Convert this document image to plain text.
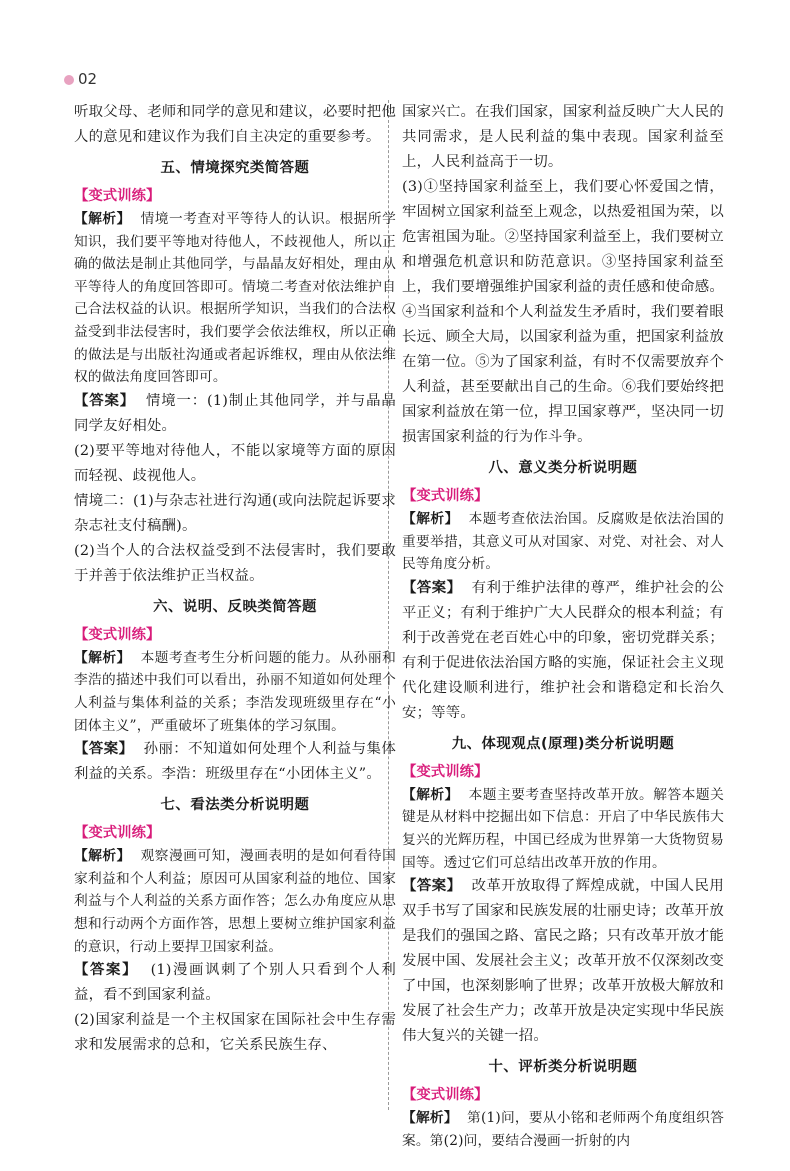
02

听取父母、老师和同学的意见和建议，必要时把他人的意见和建议作为我们自主决定的重要参考。

五、情境探究类简答题
【变式训练】

【解析】 情境一考查对平等待人的认识。根据所学知识，我们要平等地对待他人，不歧视他人，所以正确的做法是制止其他同学，与晶晶友好相处，理由从平等待人的角度回答即可。情境二考查对依法维护自己合法权益的认识。根据所学知识，当我们的合法权益受到非法侵害时，我们要学会依法维权，所以正确的做法是与出版社沟通或者起诉维权，理由从依法维权的做法角度回答即可。

【答案】 情境一：(1)制止其他同学，并与晶晶同学友好相处。

(2)要平等地对待他人，不能以家境等方面的原因而轻视、歧视他人。

情境二：(1)与杂志社进行沟通(或向法院起诉要求杂志社支付稿酬)。

(2)当个人的合法权益受到不法侵害时，我们要敢于并善于依法维护正当权益。

六、说明、反映类简答题
【变式训练】

【解析】 本题考查考生分析问题的能力。从孙丽和李浩的描述中我们可以看出，孙丽不知道如何处理个人利益与集体利益的关系；李浩发现班级里存在“小团体主义”，严重破坏了班集体的学习氛围。

【答案】 孙丽：不知道如何处理个人利益与集体利益的关系。李浩：班级里存在“小团体主义”。

七、看法类分析说明题
【变式训练】

【解析】 观察漫画可知，漫画表明的是如何看待国家利益和个人利益；原因可从国家利益的地位、国家利益与个人利益的关系方面作答；怎么办角度应从思想和行动两个方面作答，思想上要树立维护国家利益的意识，行动上要捍卫国家利益。

【答案】 (1)漫画讽刺了个别人只看到个人利益，看不到国家利益。

(2)国家利益是一个主权国家在国际社会中生存需求和发展需求的总和，它关系民族生存、

国家兴亡。在我们国家，国家利益反映广大人民的共同需求，是人民利益的集中表现。国家利益至上，人民利益高于一切。

(3)①坚持国家利益至上，我们要心怀爱国之情，牢固树立国家利益至上观念，以热爱祖国为荣，以危害祖国为耻。②坚持国家利益至上，我们要树立和增强危机意识和防范意识。③坚持国家利益至上，我们要增强维护国家利益的责任感和使命感。④当国家利益和个人利益发生矛盾时，我们要着眼长远、顾全大局，以国家利益为重，把国家利益放在第一位。⑤为了国家利益，有时不仅需要放弃个人利益，甚至要献出自己的生命。⑥我们要始终把国家利益放在第一位，捍卫国家尊严，坚决同一切损害国家利益的行为作斗争。

八、意义类分析说明题
【变式训练】

【解析】 本题考查依法治国。反腐败是依法治国的重要举措，其意义可从对国家、对党、对社会、对人民等角度分析。

【答案】 有利于维护法律的尊严，维护社会的公平正义；有利于维护广大人民群众的根本利益；有利于改善党在老百姓心中的印象，密切党群关系；有利于促进依法治国方略的实施，保证社会主义现代化建设顺利进行，维护社会和谐稳定和长治久安；等等。

九、体现观点(原理)类分析说明题
【变式训练】

【解析】 本题主要考查坚持改革开放。解答本题关键是从材料中挖掘出如下信息：开启了中华民族伟大复兴的光辉历程，中国已经成为世界第一大货物贸易国等。透过它们可总结出改革开放的作用。

【答案】 改革开放取得了辉煌成就，中国人民用双手书写了国家和民族发展的壮丽史诗；改革开放是我们的强国之路、富民之路；只有改革开放才能发展中国、发展社会主义；改革开放不仅深刻改变了中国，也深刻影响了世界；改革开放极大解放和发展了社会生产力；改革开放是决定实现中华民族伟大复兴的关键一招。

十、评析类分析说明题
【变式训练】

【解析】 第(1)问，要从小铭和老师两个角度组织答案。第(2)问，要结合漫画一折射的内
